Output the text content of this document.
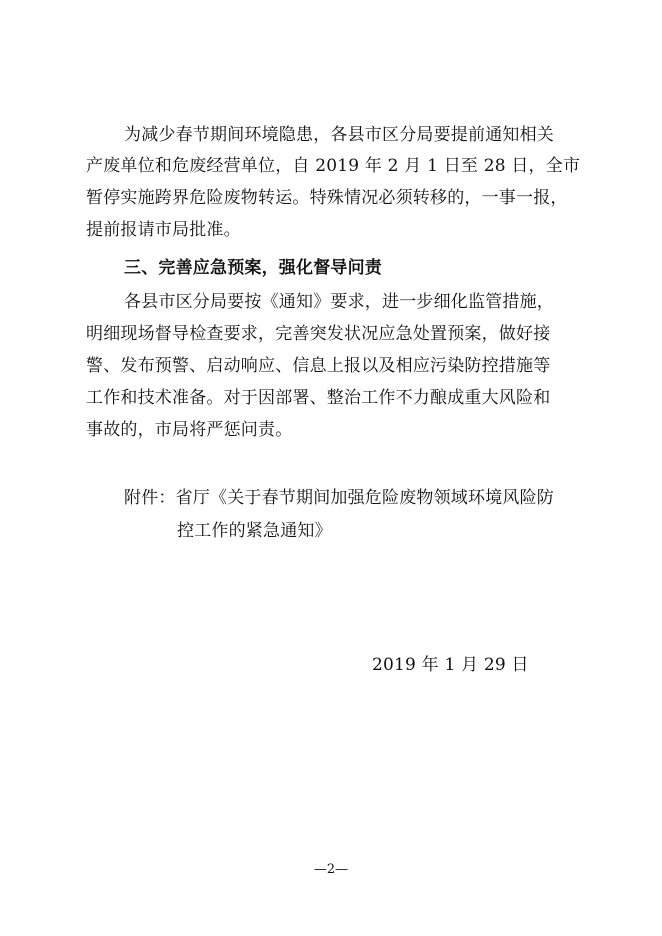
为减少春节期间环境隐患，各县市区分局要提前通知相关
产废单位和危废经营单位，自 2019 年 2 月 1 日至 28 日，全市
暂停实施跨界危险废物转运。特殊情况必须转移的，一事一报，
提前报请市局批准。
三、完善应急预案，强化督导问责
各县市区分局要按《通知》要求，进一步细化监管措施，
明细现场督导检查要求，完善突发状况应急处置预案，做好接
警、发布预警、启动响应、信息上报以及相应污染防控措施等
工作和技术准备。对于因部署、整治工作不力酿成重大风险和
事故的，市局将严惩问责。
附件：省厅《关于春节期间加强危险废物领域环境风险防
控工作的紧急通知》
2019 年 1 月 29 日
—2—
